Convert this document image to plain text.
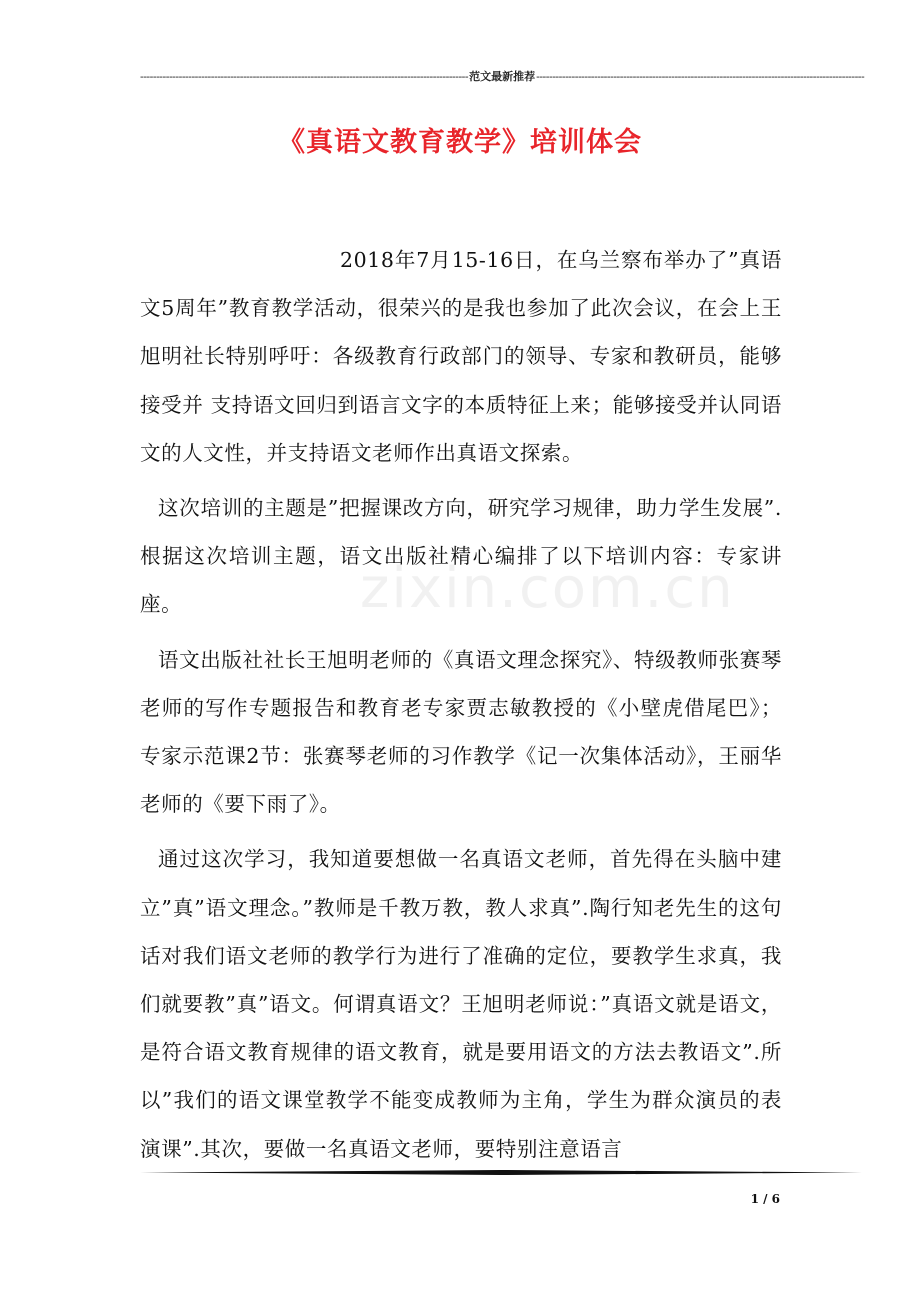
------------------------------------------------------------------------------------------------------ 范文最新推荐 ------------------------------------------------------------------------------------------------------
《真语文教育教学》培训体会
zixin.com.cn

2018年7月15-16日，在乌兰察布举办了”真语文5周年”教育教学活动，很荣兴的是我也参加了此次会议，在会上王旭明社长特别呼吁：各级教育行政部门的领导、专家和教研员，能够接受并 支持语文回归到语言文字的本质特征上来；能够接受并认同语文的人文性，并支持语文老师作出真语文探索。

这次培训的主题是”把握课改方向，研究学习规律，助力学生发展”.根据这次培训主题，语文出版社精心编排了以下培训内容：专家讲座。

语文出版社社长王旭明老师的《真语文理念探究》、特级教师张赛琴老师的写作专题报告和教育老专家贾志敏教授的《小壁虎借尾巴》；专家示范课2节：张赛琴老师的习作教学《记一次集体活动》，王丽华老师的《要下雨了》。

通过这次学习，我知道要想做一名真语文老师，首先得在头脑中建立”真”语文理念。”教师是千教万教，教人求真”.陶行知老先生的这句话对我们语文老师的教学行为进行了准确的定位，要教学生求真，我们就要教”真”语文。何谓真语文？王旭明老师说：”真语文就是语文，是符合语文教育规律的语文教育，就是要用语文的方法去教语文”.所以”我们的语文课堂教学不能变成教师为主角，学生为群众演员的表演课”.其次，要做一名真语文老师，要特别注意语言

1 / 6
